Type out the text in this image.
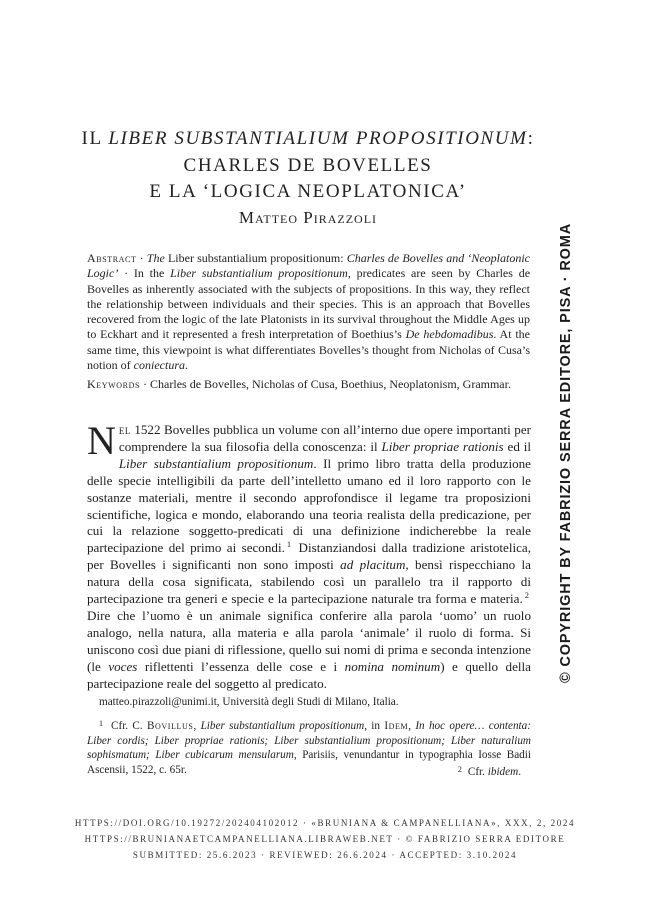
IL LIBER SUBSTANTIALIUM PROPOSITIONUM:
CHARLES DE BOVELLES
E LA ‘LOGICA NEOPLATONICA’
Matteo Pirazzoli

Abstract · The Liber substantialium propositionum: Charles de Bovelles and ‘Neoplatonic Logic’ · In the Liber substantialium propositionum, predicates are seen by Charles de Bovelles as inherently associated with the subjects of propositions. In this way, they reflect the relationship between individuals and their species. This is an approach that Bovelles recovered from the logic of the late Platonists in its survival throughout the Middle Ages up to Eckhart and it represented a fresh interpretation of Boethius’s De hebdomadibus. At the same time, this viewpoint is what differentiates Bovelles’s thought from Nicholas of Cusa’s notion of coniectura.

Keywords · Charles de Bovelles, Nicholas of Cusa, Boethius, Neoplatonism, Grammar.

Nel 1522 Bovelles pubblica un volume con all’interno due opere importanti per comprendere la sua filosofia della conoscenza: il Liber propriae rationis ed il Liber substantialium propositionum. Il primo libro tratta della produzione delle specie intelligibili da parte dell’intelletto umano ed il loro rapporto con le sostanze materiali, mentre il secondo approfondisce il legame tra proposizioni scientifiche, logica e mondo, elaborando una teoria realista della predicazione, per cui la relazione soggetto-predicati di una definizione indicherebbe la reale partecipazione del primo ai secondi. $^1$ Distanziandosi dalla tradizione aristotelica, per Bovelles i significanti non sono imposti ad placitum, bensì rispecchiano la natura della cosa significata, stabilendo così un parallelo tra il rapporto di partecipazione tra generi e specie e la partecipazione naturale tra forma e materia. $^2$ Dire che l’uomo è un animale significa conferire alla parola ‘uomo’ un ruolo analogo, nella natura, alla materia e alla parola ‘animale’ il ruolo di forma. Si uniscono così due piani di riflessione, quello sui nomi di prima e seconda intenzione (le voces riflettenti l’essenza delle cose e i nomina nominum) e quello della partecipazione reale del soggetto al predicato.

matteo.pirazzoli@unimi.it, Università degli Studi di Milano, Italia.

$^1$ Cfr. C. Bovillus, Liber substantialium propositionum, in Idem, In hoc opere… contenta: Liber cordis; Liber propriae rationis; Liber substantialium propositionum; Liber naturalium sophismatum; Liber cubicarum mensularum, Parisiis, venundantur in typographia Iosse Badii Ascensii, 1522, c. 65r.	$^2$ Cfr. ibidem.

HTTPS://DOI.ORG/10.19272/202404102012 · «BRUNIANA & CAMPANELLIANA», XXX, 2, 2024
HTTPS://BRUNIANAETCAMPANELLIANA.LIBRAWEB.NET · © FABRIZIO SERRA EDITORE
SUBMITTED: 25.6.2023 · REVIEWED: 26.6.2024 · ACCEPTED: 3.10.2024
© COPYRIGHT BY FABRIZIO SERRA EDITORE, PISA · ROMA
